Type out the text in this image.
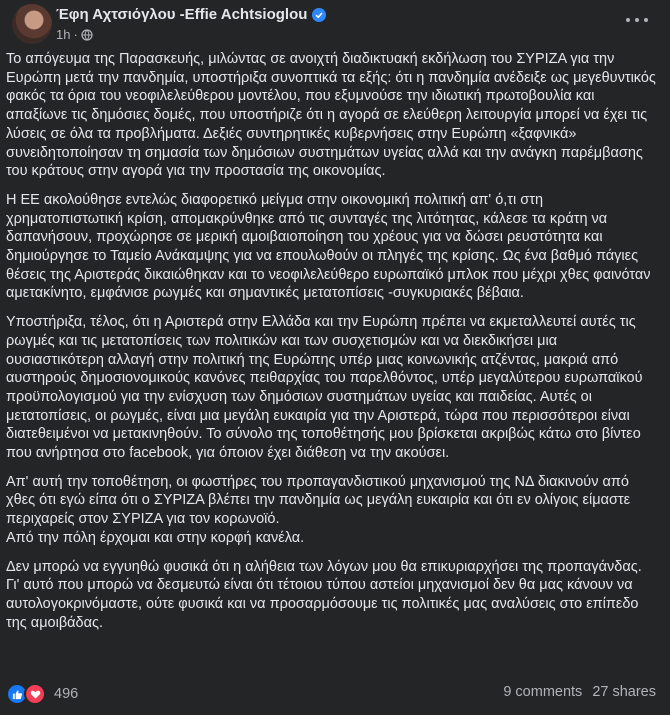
Έφη Αχτσιόγλου -Effie Achtsioglou
1h ·

Το απόγευμα της Παρασκευής, μιλώντας σε ανοιχτή διαδικτυακή εκδήλωση του ΣΥΡΙΖΑ για την Ευρώπη μετά την πανδημία, υποστήριξα συνοπτικά τα εξής: ότι η πανδημία ανέδειξε ως μεγεθυντικός φακός τα όρια του νεοφιλελεύθερου μοντέλου, που εξυμνούσε την ιδιωτική πρωτοβουλία και απαξίωνε τις δημόσιες δομές, που υποστήριζε ότι η αγορά σε ελεύθερη λειτουργία μπορεί να έχει τις λύσεις σε όλα τα προβλήματα. Δεξιές συντηρητικές κυβερνήσεις στην Ευρώπη «ξαφνικά» συνειδητοποίησαν τη σημασία των δημόσιων συστημάτων υγείας αλλά και την ανάγκη παρέμβασης του κράτους στην αγορά για την προστασία της οικονομίας.

Η ΕΕ ακολούθησε εντελώς διαφορετικό μείγμα στην οικονομική πολιτική απ' ό,τι στη χρηματοπιστωτική κρίση, απομακρύνθηκε από τις συνταγές της λιτότητας, κάλεσε τα κράτη να δαπανήσουν, προχώρησε σε μερική αμοιβαιοποίηση του χρέους για να δώσει ρευστότητα και δημιούργησε το Ταμείο Ανάκαμψης για να επουλωθούν οι πληγές της κρίσης. Ως ένα βαθμό πάγιες θέσεις της Αριστεράς δικαιώθηκαν και το νεοφιλελεύθερο ευρωπαϊκό μπλοκ που μέχρι χθες φαινόταν αμετακίνητο, εμφάνισε ρωγμές και σημαντικές μετατοπίσεις -συγκυριακές βέβαια.

Υποστήριξα, τέλος, ότι η Αριστερά στην Ελλάδα και την Ευρώπη πρέπει να εκμεταλλευτεί αυτές τις ρωγμές και τις μετατοπίσεις των πολιτικών και των συσχετισμών και να διεκδικήσει μια ουσιαστικότερη αλλαγή στην πολιτική της Ευρώπης υπέρ μιας κοινωνικής ατζέντας, μακριά από αυστηρούς δημοσιονομικούς κανόνες πειθαρχίας του παρελθόντος, υπέρ μεγαλύτερου ευρωπαϊκού προϋπολογισμού για την ενίσχυση των δημόσιων συστημάτων υγείας και παιδείας. Αυτές οι μετατοπίσεις, οι ρωγμές, είναι μια μεγάλη ευκαιρία για την Αριστερά, τώρα που περισσότεροι είναι διατεθειμένοι να μετακινηθούν. Το σύνολο της τοποθέτησής μου βρίσκεται ακριβώς κάτω στο βίντεο που ανήρτησα στο facebook, για όποιον έχει διάθεση να την ακούσει.

Απ' αυτή την τοποθέτηση, οι φωστήρες του προπαγανδιστικού μηχανισμού της ΝΔ διακινούν από χθες ότι εγώ είπα ότι ο ΣΥΡΙΖΑ βλέπει την πανδημία ως μεγάλη ευκαιρία και ότι εν ολίγοις είμαστε περιχαρείς στον ΣΥΡΙΖΑ για τον κορωνοϊό.
Από την πόλη έρχομαι και στην κορφή κανέλα.

Δεν μπορώ να εγγυηθώ φυσικά ότι η αλήθεια των λόγων μου θα επικυριαρχήσει της προπαγάνδας. Γι' αυτό που μπορώ να δεσμευτώ είναι ότι τέτοιου τύπου αστείοι μηχανισμοί δεν θα μας κάνουν να αυτολογοκρινόμαστε, ούτε φυσικά και να προσαρμόσουμε τις πολιτικές μας αναλύσεις στο επίπεδο της αμοιβάδας.

496	9 comments 27 shares
